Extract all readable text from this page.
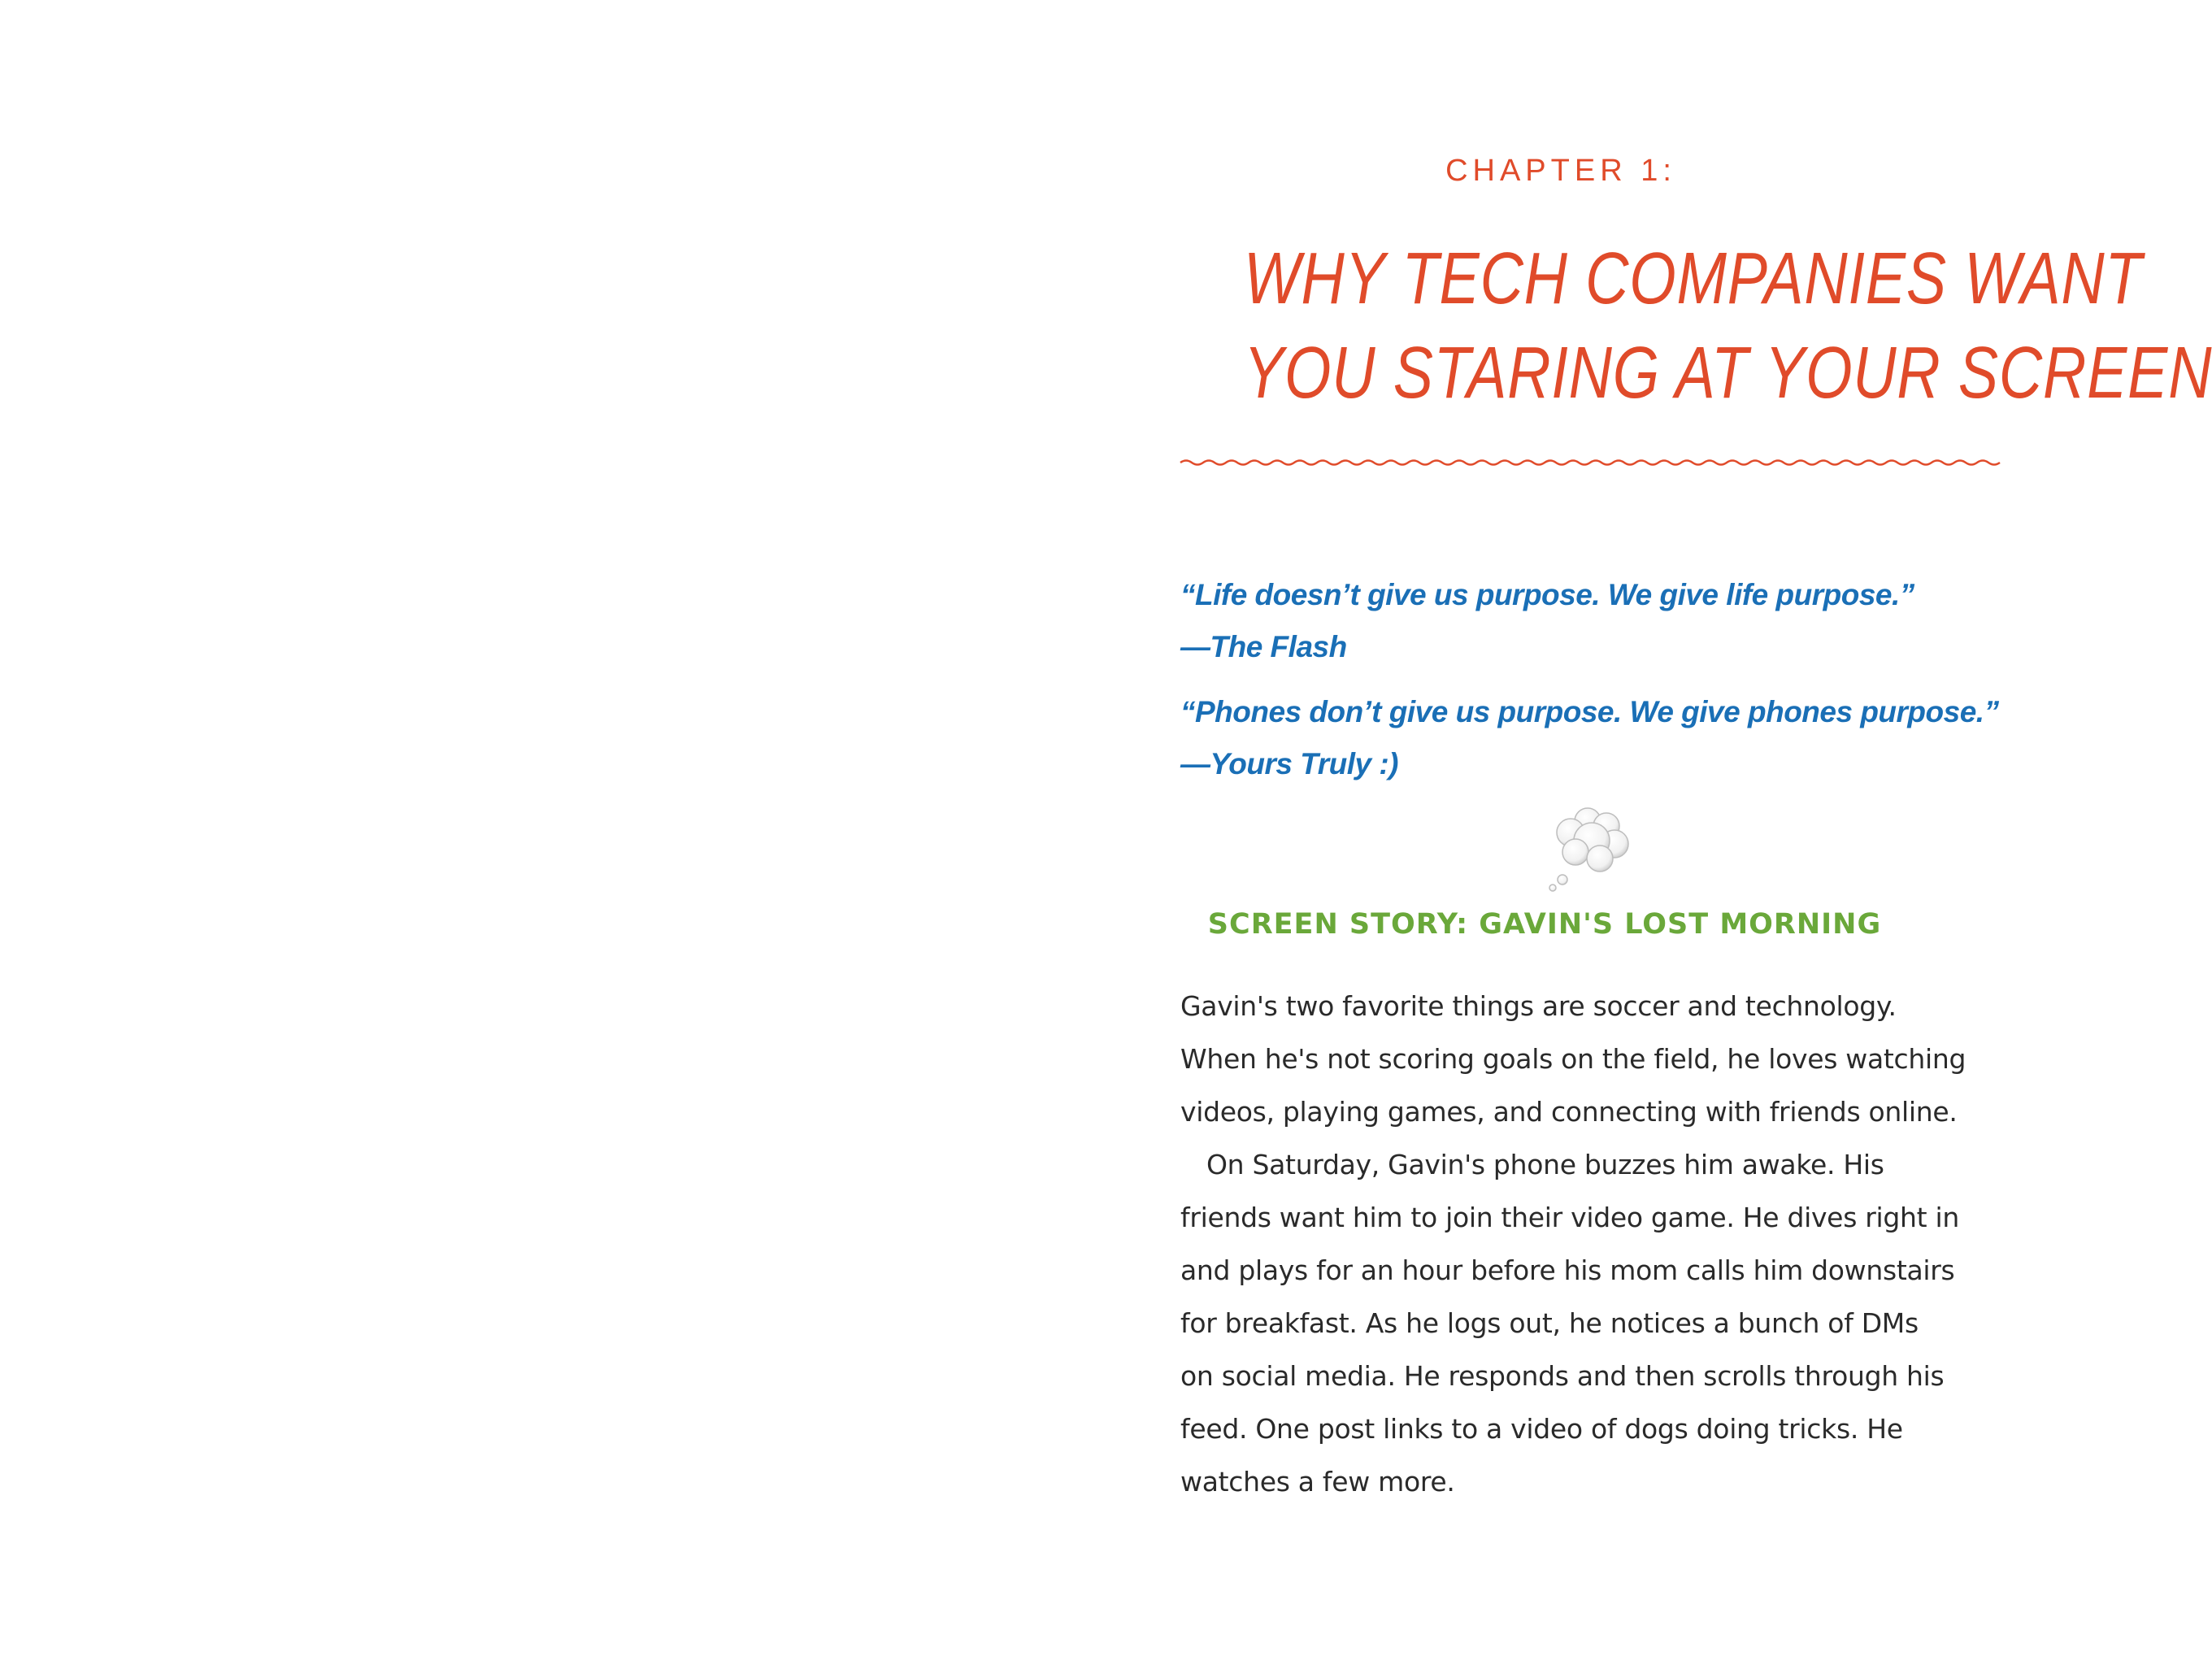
CHAPTER 1:
WHY TECH COMPANIES WANT
YOU STARING AT YOUR SCREEN
“Life doesn’t give us purpose. We give life purpose.”
—The Flash
“Phones don’t give us purpose. We give phones purpose.”
—Yours Truly :)
SCREEN STORY: GAVIN'S LOST MORNING
Gavin's two favorite things are soccer and technology.
When he's not scoring goals on the field, he loves watching
videos, playing games, and connecting with friends online.
On Saturday, Gavin's phone buzzes him awake. His
friends want him to join their video game. He dives right in
and plays for an hour before his mom calls him downstairs
for breakfast. As he logs out, he notices a bunch of DMs
on social media. He responds and then scrolls through his
feed. One post links to a video of dogs doing tricks. He
watches a few more.
